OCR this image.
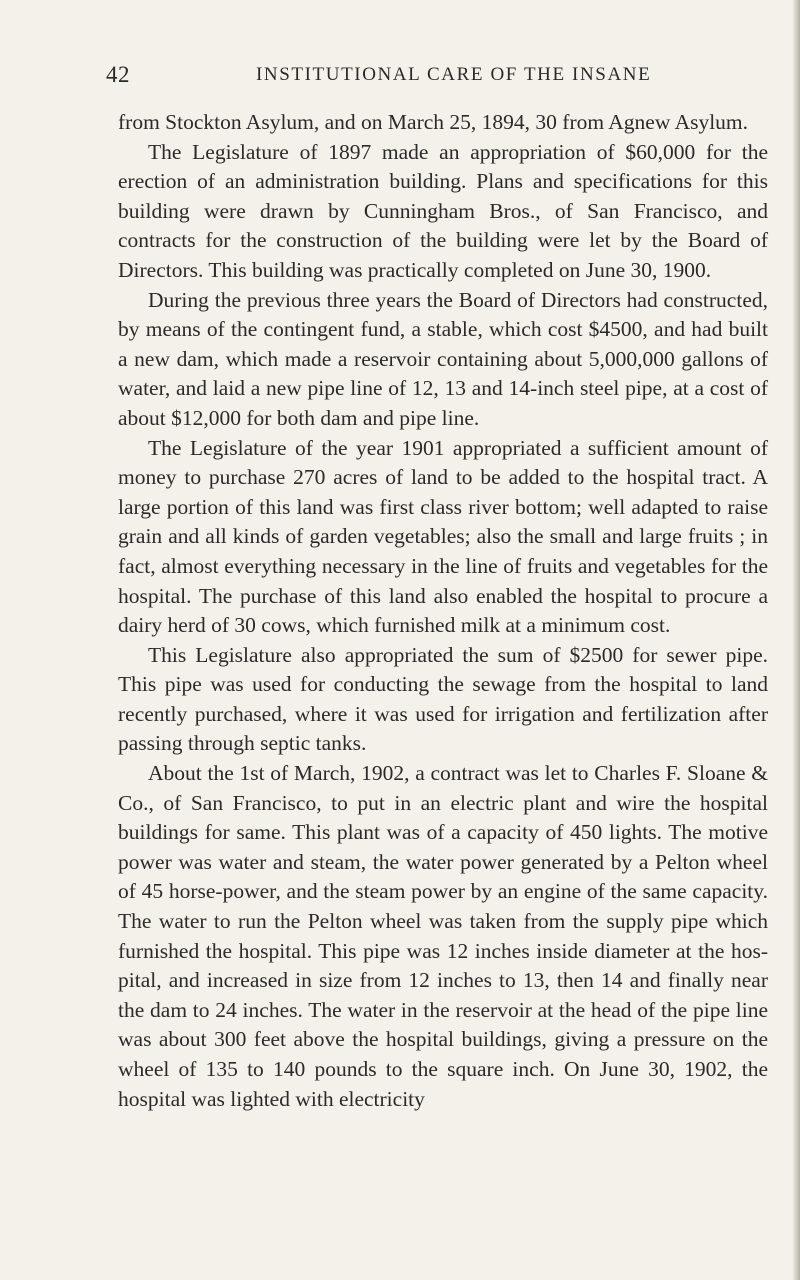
42	INSTITUTIONAL CARE OF THE INSANE

from Stockton Asylum, and on March 25, 1894, 30 from Agnew Asylum.

The Legislature of 1897 made an appropriation of $60,000 for the erection of an administration building. Plans and specifications for this building were drawn by Cunningham Bros., of San Francisco, and contracts for the construction of the building were let by the Board of Directors. This building was practically completed on June 30, 1900.

During the previous three years the Board of Directors had constructed, by means of the contingent fund, a stable, which cost $4500, and had built a new dam, which made a reservoir containing about 5,000,000 gallons of water, and laid a new pipe line of 12, 13 and 14-inch steel pipe, at a cost of about $12,000 for both dam and pipe line.

The Legislature of the year 1901 appropriated a sufficient amount of money to purchase 270 acres of land to be added to the hospital tract. A large portion of this land was first class river bottom; well adapted to raise grain and all kinds of garden vegetables; also the small and large fruits ; in fact, almost everything necessary in the line of fruits and vegetables for the hospital. The purchase of this land also enabled the hospital to procure a dairy herd of 30 cows, which furnished milk at a minimum cost.

This Legislature also appropriated the sum of $2500 for sewer pipe. This pipe was used for conducting the sewage from the hospital to land recently purchased, where it was used for irrigation and fertilization after passing through septic tanks.

About the 1st of March, 1902, a contract was let to Charles F. Sloane & Co., of San Francisco, to put in an electric plant and wire the hospital buildings for same. This plant was of a capacity of 450 lights. The motive power was water and steam, the water power generated by a Pelton wheel of 45 horse-power, and the steam power by an engine of the same capacity. The water to run the Pelton wheel was taken from the supply pipe which furnished the hospital. This pipe was 12 inches inside diameter at the hospital, and increased in size from 12 inches to 13, then 14 and finally near the dam to 24 inches. The water in the reservoir at the head of the pipe line was about 300 feet above the hospital buildings, giving a pressure on the wheel of 135 to 140 pounds to the square inch. On June 30, 1902, the hospital was lighted with electricity
